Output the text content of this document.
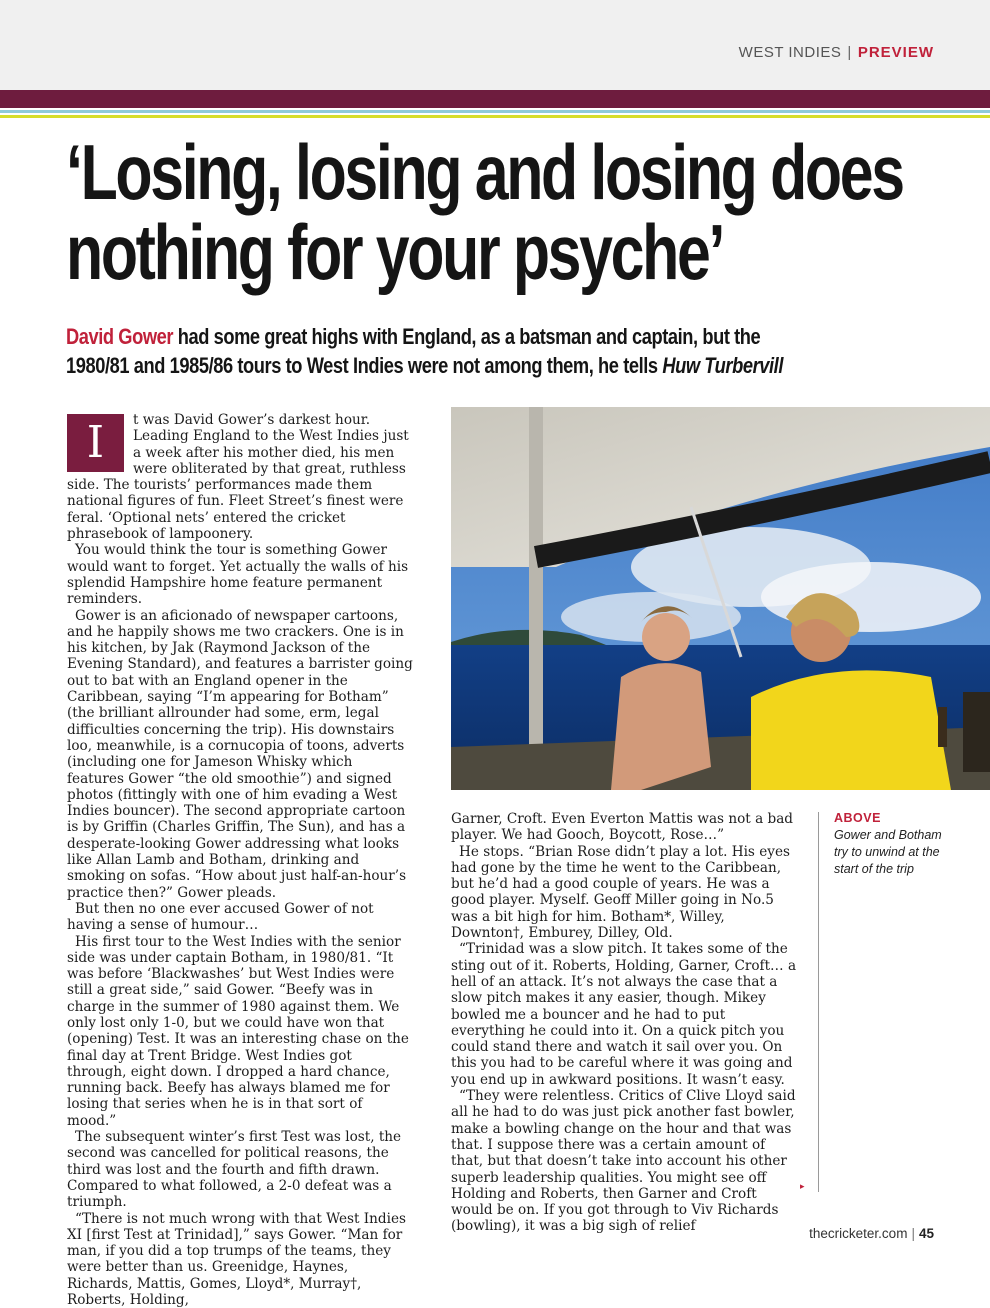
WEST INDIES | PREVIEW
‘Losing, losing and losing does
nothing for your psyche’

David Gower had some great highs with England, as a batsman and captain, but the
1980/81 and 1985/86 tours to West Indies were not among them, he tells Huw Turbervill

I	t was David Gower’s darkest hour. Leading England to the West Indies just a week after his mother died, his men were obliterated by that great, ruthless side. The tourists’ performances made them national figures of fun. Fleet Street’s finest were feral. ‘Optional nets’ entered the cricket phrasebook of lampoonery.

You would think the tour is something Gower would want to forget. Yet actually the walls of his splendid Hampshire home feature permanent reminders.

Gower is an aficionado of newspaper cartoons, and he happily shows me two crackers. One is in his kitchen, by Jak (Raymond Jackson of the Evening Standard), and features a barrister going out to bat with an England opener in the Caribbean, saying “I’m appearing for Botham” (the brilliant allrounder had some, erm, legal difficulties concerning the trip). His downstairs loo, meanwhile, is a cornucopia of toons, adverts (including one for Jameson Whisky which features Gower “the old smoothie”) and signed photos (fittingly with one of him evading a West Indies bouncer). The second appropriate cartoon is by Griffin (Charles Griffin, The Sun), and has a desperate-looking Gower addressing what looks like Allan Lamb and Botham, drinking and smoking on sofas. “How about just half-an-hour’s practice then?” Gower pleads.

But then no one ever accused Gower of not having a sense of humour…

His first tour to the West Indies with the senior side was under captain Botham, in 1980/81. “It was before ‘Blackwashes’ but West Indies were still a great side,” said Gower. “Beefy was in charge in the summer of 1980 against them. We only lost only 1-0, but we could have won that (opening) Test. It was an interesting chase on the final day at Trent Bridge. West Indies got through, eight down. I dropped a hard chance, running back. Beefy has always blamed me for losing that series when he is in that sort of mood.”

The subsequent winter’s first Test was lost, the second was cancelled for political reasons, the third was lost and the fourth and fifth drawn. Compared to what followed, a 2-0 defeat was a triumph.

“There is not much wrong with that West Indies XI [first Test at Trinidad],” says Gower. “Man for man, if you did a top trumps of the teams, they were better than us. Greenidge, Haynes, Richards, Mattis, Gomes, Lloyd*, Murray†, Roberts, Holding,

Garner, Croft. Even Everton Mattis was not a bad player. We had Gooch, Boycott, Rose…”

He stops. “Brian Rose didn’t play a lot. His eyes had gone by the time he went to the Caribbean, but he’d had a good couple of years. He was a good player. Myself. Geoff Miller going in No.5 was a bit high for him. Botham*, Willey, Downton†, Emburey, Dilley, Old.

“Trinidad was a slow pitch. It takes some of the sting out of it. Roberts, Holding, Garner, Croft… a hell of an attack. It’s not always the case that a slow pitch makes it any easier, though. Mikey bowled me a bouncer and he had to put everything he could into it. On a quick pitch you could stand there and watch it sail over you. On this you had to be careful where it was going and you end up in awkward positions. It wasn’t easy.

“They were relentless. Critics of Clive Lloyd said all he had to do was just pick another fast bowler, make a bowling change on the hour and that was that. I suppose there was a certain amount of that, but that doesn’t take into account his other superb leadership qualities. You might see off Holding and Roberts, then Garner and Croft would be on. If you got through to Viv Richards (bowling), it was a big sigh of relief

▸

ABOVE

Gower and Botham try to unwind at the start of the trip

thecricketer.com | 45
